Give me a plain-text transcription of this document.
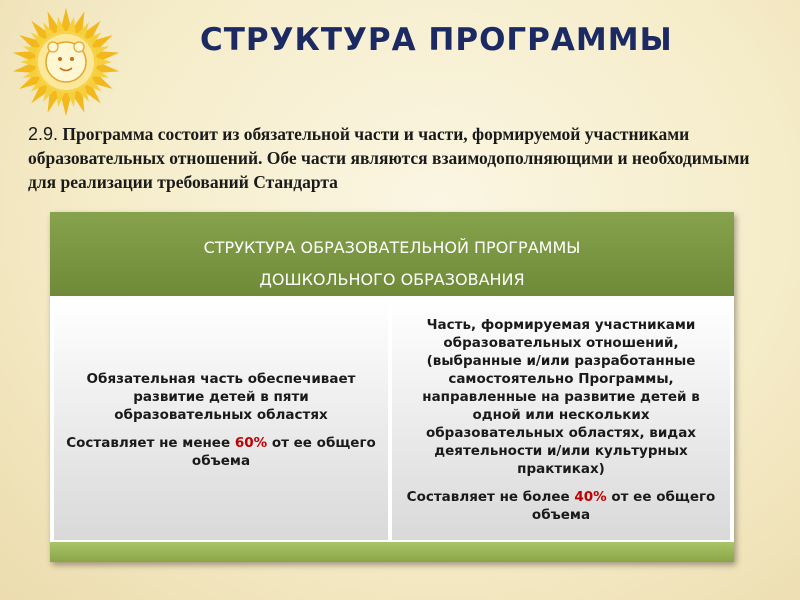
СТРУКТУРА ПРОГРАММЫ
2.9. Программа состоит из обязательной части и части, формируемой участниками образовательных отношений. Обе части являются взаимодополняющими и необходимыми для реализации требований Стандарта
СТРУКТУРА ОБРАЗОВАТЕЛЬНОЙ ПРОГРАММЫ
ДОШКОЛЬНОГО ОБРАЗОВАНИЯ

Обязательная часть обеспечивает развитие детей в пяти образовательных областях

Составляет не менее 60% от ее общего объема

Часть, формируемая участниками образовательных отношений, (выбранные и/или разработанные самостоятельно Программы, направленные на развитие детей в одной или нескольких образовательных областях, видах деятельности и/или культурных практиках)

Составляет не более 40% от ее общего объема
